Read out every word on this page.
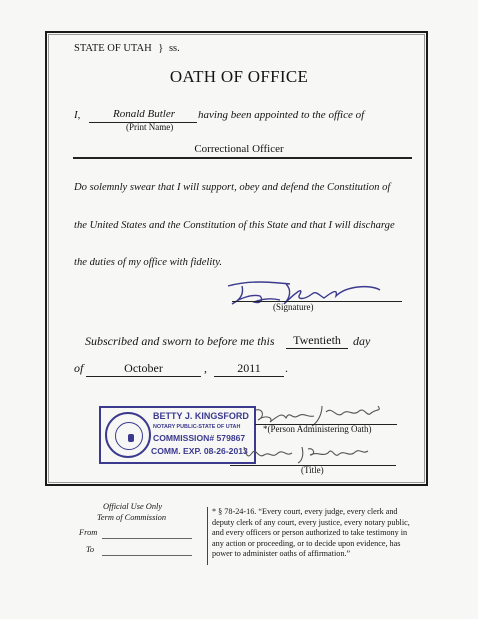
STATE OF UTAH } ss.
OATH OF OFFICE
I,	Ronald Butler	having been appointed to the office of
(Print Name)
Correctional Officer
Do solemnly swear that I will support, obey and defend the Constitution of
the United States and the Constitution of this State and that I will discharge
the duties of my office with fidelity.
(Signature)
Subscribed and sworn to before me this	Twentieth	day
of	October	,	2011	.
BETTY J. KINGSFORD
NOTARY PUBLIC-STATE OF UTAH
COMMISSION# 579867
COMM. EXP. 08-26-2013
*(Person Administering Oath)
(Title)
Official Use Only
Term of Commission
From
To
* § 78-24-16. “Every court, every judge, every clerk and deputy clerk of any court, every justice, every notary public, and every officers or person authorized to take testimony in any action or proceeding, or to decide upon evidence, has power to administer oaths of affirmation.”
